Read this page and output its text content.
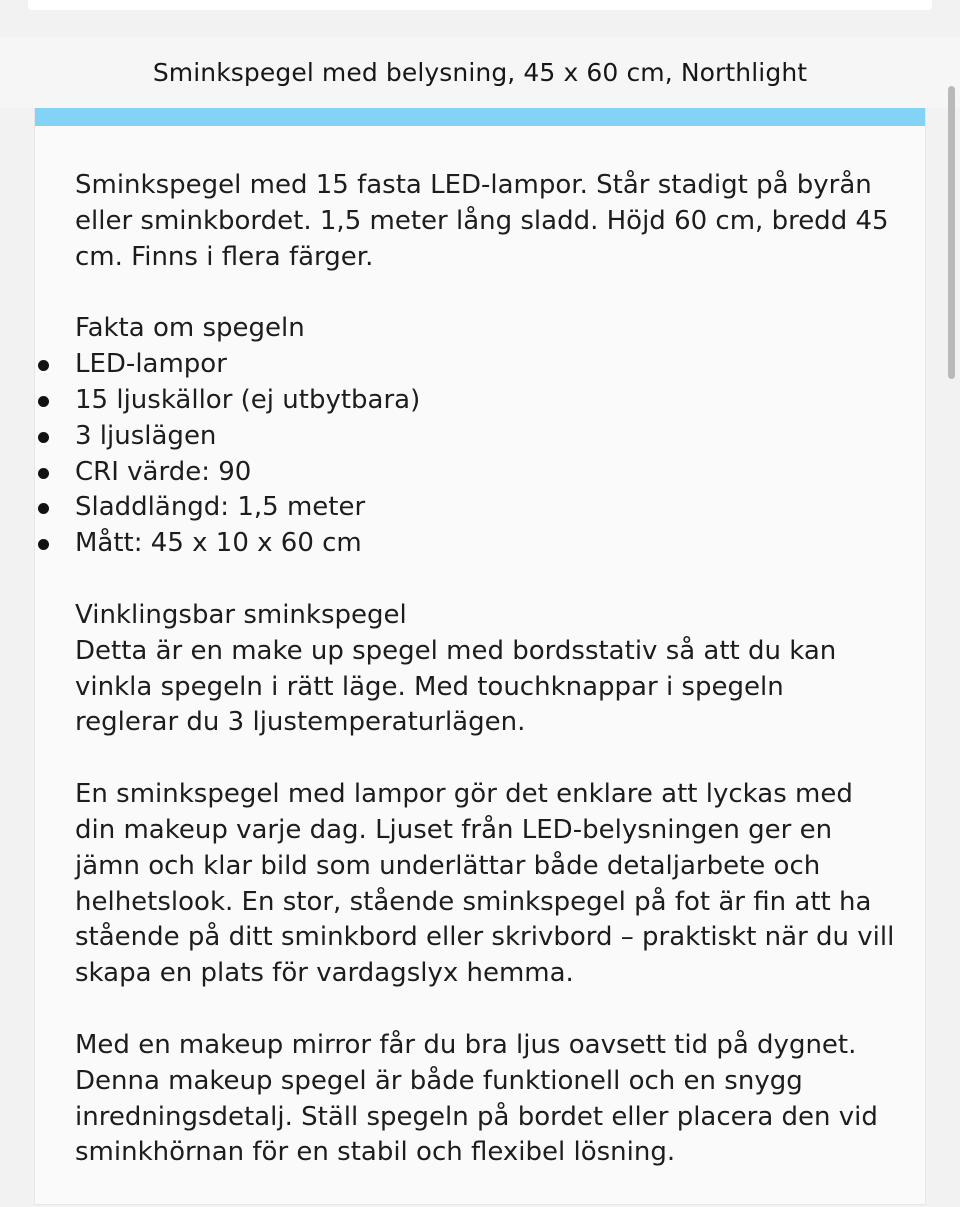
Sminkspegel med belysning, 45 x 60 cm, Northlight

Sminkspegel med 15 fasta LED-lampor. Står stadigt på byrån eller sminkbordet. 1,5 meter lång sladd. Höjd 60 cm, bredd 45 cm. Finns i flera färger.

Fakta om spegeln

LED-lampor
15 ljuskällor (ej utbytbara)
3 ljuslägen
CRI värde: 90
Sladdlängd: 1,5 meter
Mått: 45 x 10 x 60 cm

Vinklingsbar sminkspegel

Detta är en make up spegel med bordsstativ så att du kan vinkla spegeln i rätt läge. Med touchknappar i spegeln reglerar du 3 ljustemperaturlägen.

En sminkspegel med lampor gör det enklare att lyckas med din makeup varje dag. Ljuset från LED-belysningen ger en jämn och klar bild som underlättar både detaljarbete och helhetslook. En stor, stående sminkspegel på fot är fin att ha stående på ditt sminkbord eller skrivbord – praktiskt när du vill skapa en plats för vardagslyx hemma.

Med en makeup mirror får du bra ljus oavsett tid på dygnet. Denna makeup spegel är både funktionell och en snygg inredningsdetalj. Ställ spegeln på bordet eller placera den vid sminkhörnan för en stabil och flexibel lösning.
